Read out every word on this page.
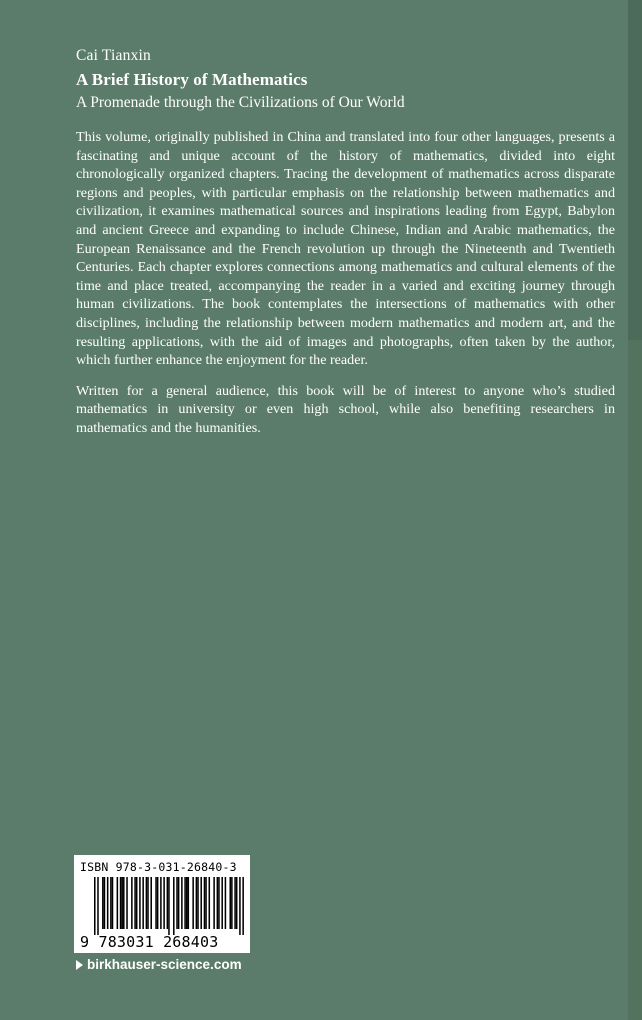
Cai Tianxin
A Brief History of Mathematics
A Promenade through the Civilizations of Our World

This volume, originally published in China and translated into four other languages, presents a fascinating and unique account of the history of mathematics, divided into eight chronologically organized chapters. Tracing the development of mathematics across disparate regions and peoples, with particular emphasis on the relationship between mathematics and civilization, it examines mathematical sources and inspirations leading from Egypt, Babylon and ancient Greece and expanding to include Chinese, Indian and Arabic mathematics, the European Renaissance and the French revolution up through the Nineteenth and Twentieth Centuries. Each chapter explores connections among mathematics and cultural elements of the time and place treated, accompanying the reader in a varied and exciting journey through human civilizations. The book contemplates the intersections of mathematics with other disciplines, including the relationship between modern mathematics and modern art, and the resulting applications, with the aid of images and photographs, often taken by the author, which further enhance the enjoyment for the reader.

Written for a general audience, this book will be of interest to anyone who’s studied mathematics in university or even high school, while also benefiting researchers in mathematics and the humanities.

ISBN 978-3-031-26840-3
9 783031 268403
birkhauser-science.com
